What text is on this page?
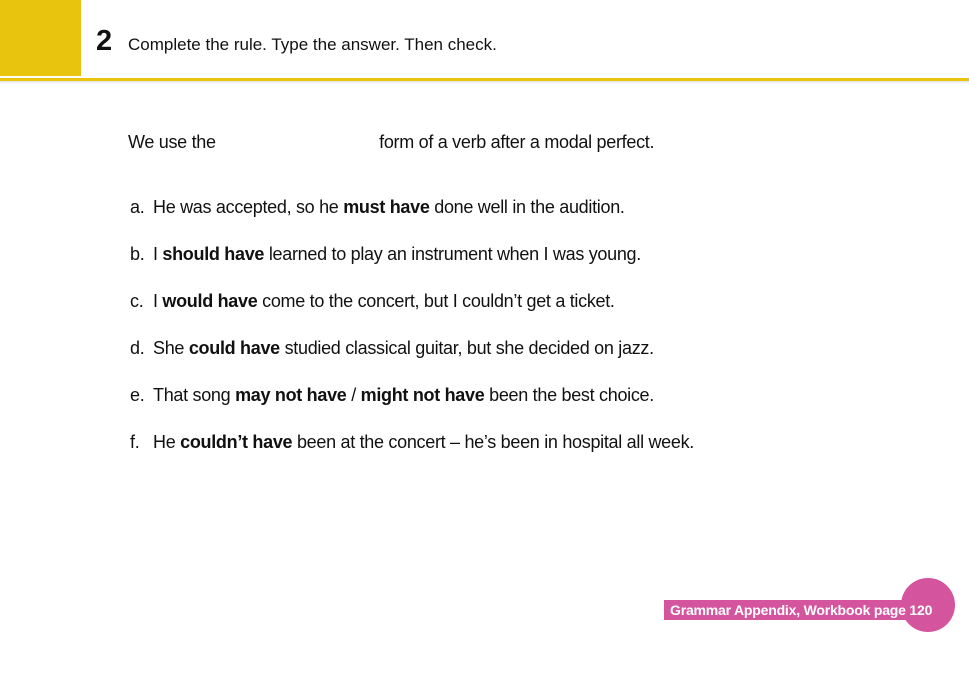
2 Complete the rule. Type the answer. Then check.
We use the	form of a verb after a modal perfect.
a. He was accepted, so he must have done well in the audition.
b. I should have learned to play an instrument when I was young.
c. I would have come to the concert, but I couldn’t get a ticket.
d. She could have studied classical guitar, but she decided on jazz.
e. That song may not have / might not have been the best choice.
f. He couldn’t have been at the concert – he’s been in hospital all week.
Grammar Appendix, Workbook page 120
